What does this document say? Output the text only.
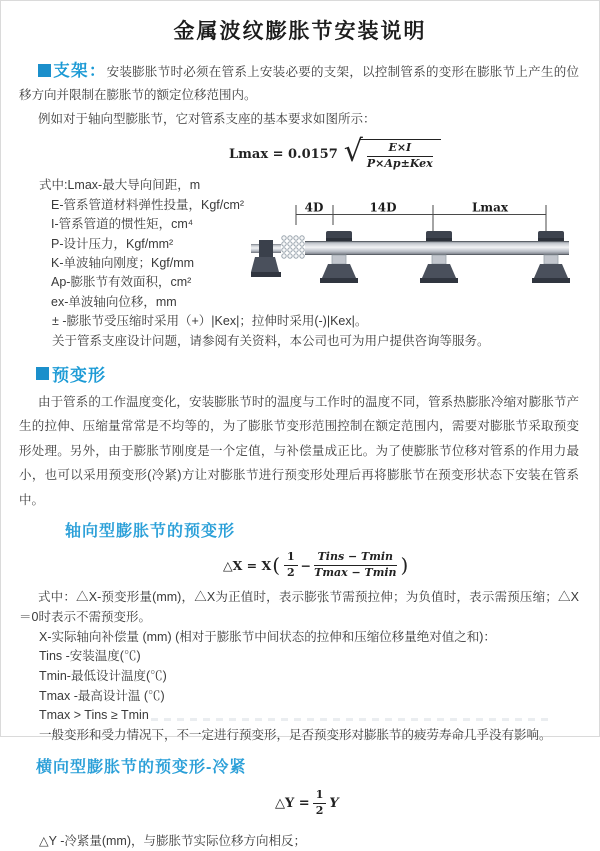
金属波纹膨胀节安装说明

支架：安装膨胀节时必须在管系上安装必要的支架，以控制管系的变形在膨胀节上产生的位移方向并限制在膨胀节的额定位移范围内。

例如对于轴向型膨胀节，它对管系支座的基本要求如图所示：

Lmax = 0.0157 √ $\frac{E\times I}{\text{P×Ap±Kex}}$
式中:Lmax-最大导向间距，m
E-管系管道材料弹性投量，Kgf/cm²
I-管系管道的惯性矩，cm⁴
P-设计压力，Kgf/mm²
K-单波轴向刚度；Kgf/mm
Ap-膨胀节有效面积，cm²
ex-单波轴向位移，mm
± -膨胀节受压缩时采用（+）|Kex|；拉伸时采用(-)|Kex|。
关于管系支座设计问题，请参阅有关资料，本公司也可为用户提供咨询等服务。
4D	14D	Lmax
预变形

由于管系的工作温度变化，安装膨胀节时的温度与工作时的温度不同，管系热膨胀冷缩对膨胀节产生的拉伸、压缩量常常是不均等的，为了膨胀节变形范围控制在额定范围内，需要对膨胀节采取预变形处理。另外，由于膨胀节刚度是一个定值，与补偿量成正比。为了使膨胀节位移对管系的作用力最小，也可以采用预变形(冷紧)方让对膨胀节进行预变形处理后再将膨胀节在预变形状态下安装在管系中。

轴向型膨胀节的预变形
△X = X ( $\frac{1}{2} - \frac{\text{Tins − Tmin}}{Tmax - Tmin}$ )

式中：△X-预变形量(mm)，△X为正值时，表示膨张节需预拉伸；为负值时，表示需预压缩；△X＝0时表示不需预变形。

X-实际轴向补偿量 (mm) (相对于膨胀节中间状态的拉伸和压缩位移量绝对值之和)：
Tins -安装温度(℃)
Tmin-最低设计温度(℃)
Tmax -最高设计温 (℃)
Tmax > Tins ≥ Tmin
一般变形和受力情况下，不一定进行预变形，足否预变形对膨胀节的疲劳寿命几乎没有影响。
横向型膨胀节的预变形-冷紧
△Y = $\frac{1}{2}$ Y
△Y -冷紧量(mm)，与膨胀节实际位移方向相反；
